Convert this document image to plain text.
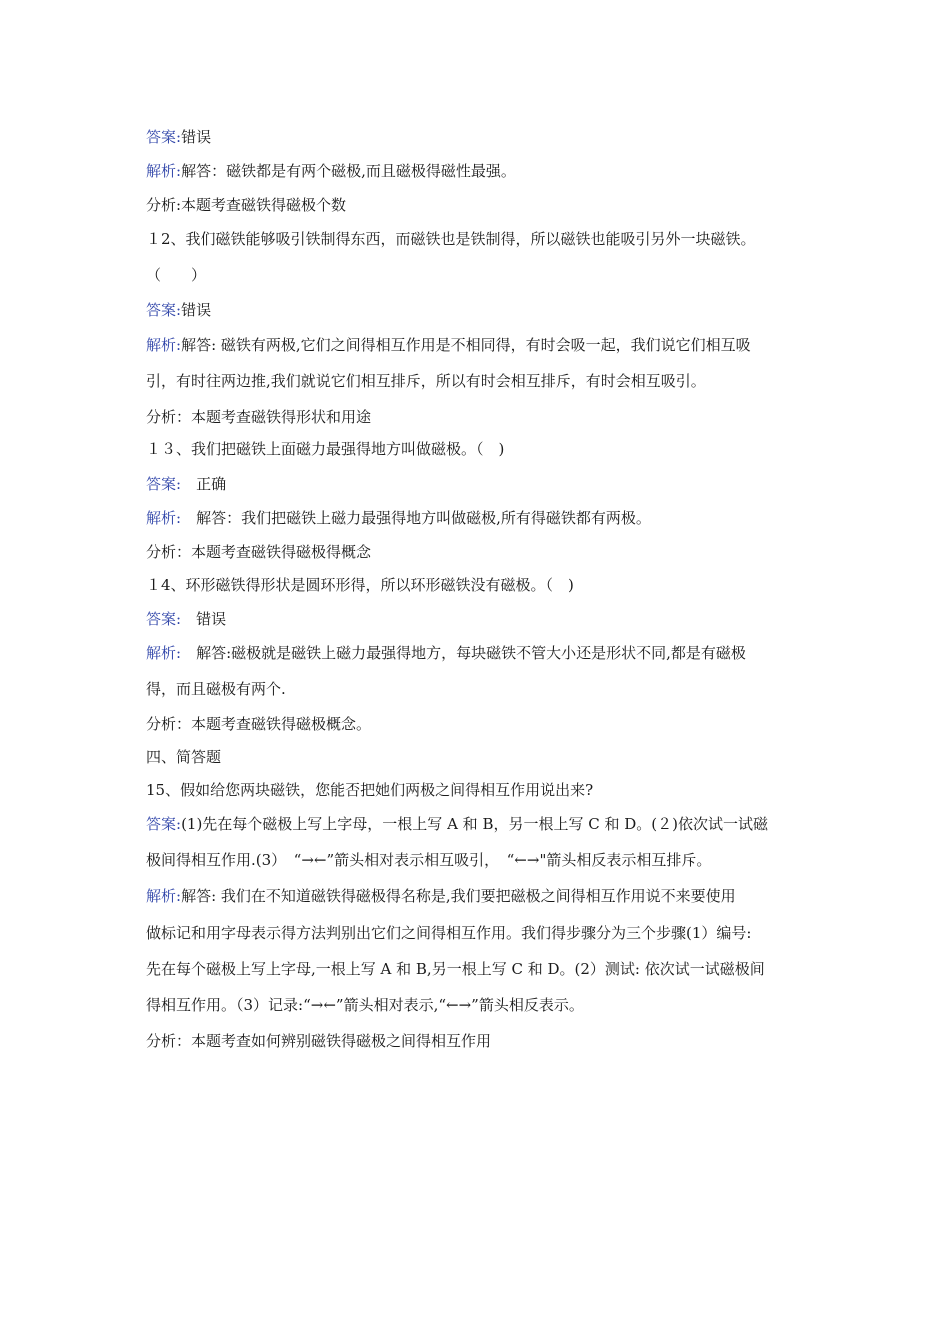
答案:错误
解析:解答：磁铁都是有两个磁极,而且磁极得磁性最强。
分析:本题考查磁铁得磁极个数
１2、我们磁铁能够吸引铁制得东西，而磁铁也是铁制得，所以磁铁也能吸引另外一块磁铁。
（　　）
答案:错误
解析:解答: 磁铁有两极,它们之间得相互作用是不相同得，有时会吸一起，我们说它们相互吸
引，有时往两边推,我们就说它们相互排斥，所以有时会相互排斥，有时会相互吸引。
分析：本题考查磁铁得形状和用途
１３、我们把磁铁上面磁力最强得地方叫做磁极。（　)
答案:　正确
解析:　解答：我们把磁铁上磁力最强得地方叫做磁极,所有得磁铁都有两极。
分析：本题考查磁铁得磁极得概念
１4、环形磁铁得形状是圆环形得，所以环形磁铁没有磁极。（　)
答案:　错误
解析:　解答:磁极就是磁铁上磁力最强得地方，每块磁铁不管大小还是形状不同,都是有磁极
得，而且磁极有两个.
分析：本题考查磁铁得磁极概念。
四、简答题
15、假如给您两块磁铁，您能否把她们两极之间得相互作用说出来?
答案:(1)先在每个磁极上写上字母，一根上写 A 和 B，另一根上写 C 和 D。(２)依次试一试磁
极间得相互作用.(3）　“→←”箭头相对表示相互吸引，　“←→"箭头相反表示相互排斥。
解析:解答: 我们在不知道磁铁得磁极得名称是,我们要把磁极之间得相互作用说不来要使用
做标记和用字母表示得方法判别出它们之间得相互作用。我们得步骤分为三个步骤(1）编号:
先在每个磁极上写上字母,一根上写 A 和 B,另一根上写 C 和 D。(2）测试: 依次试一试磁极间
得相互作用。（3）记录:“→←”箭头相对表示,“←→”箭头相反表示。
分析：本题考查如何辨别磁铁得磁极之间得相互作用
